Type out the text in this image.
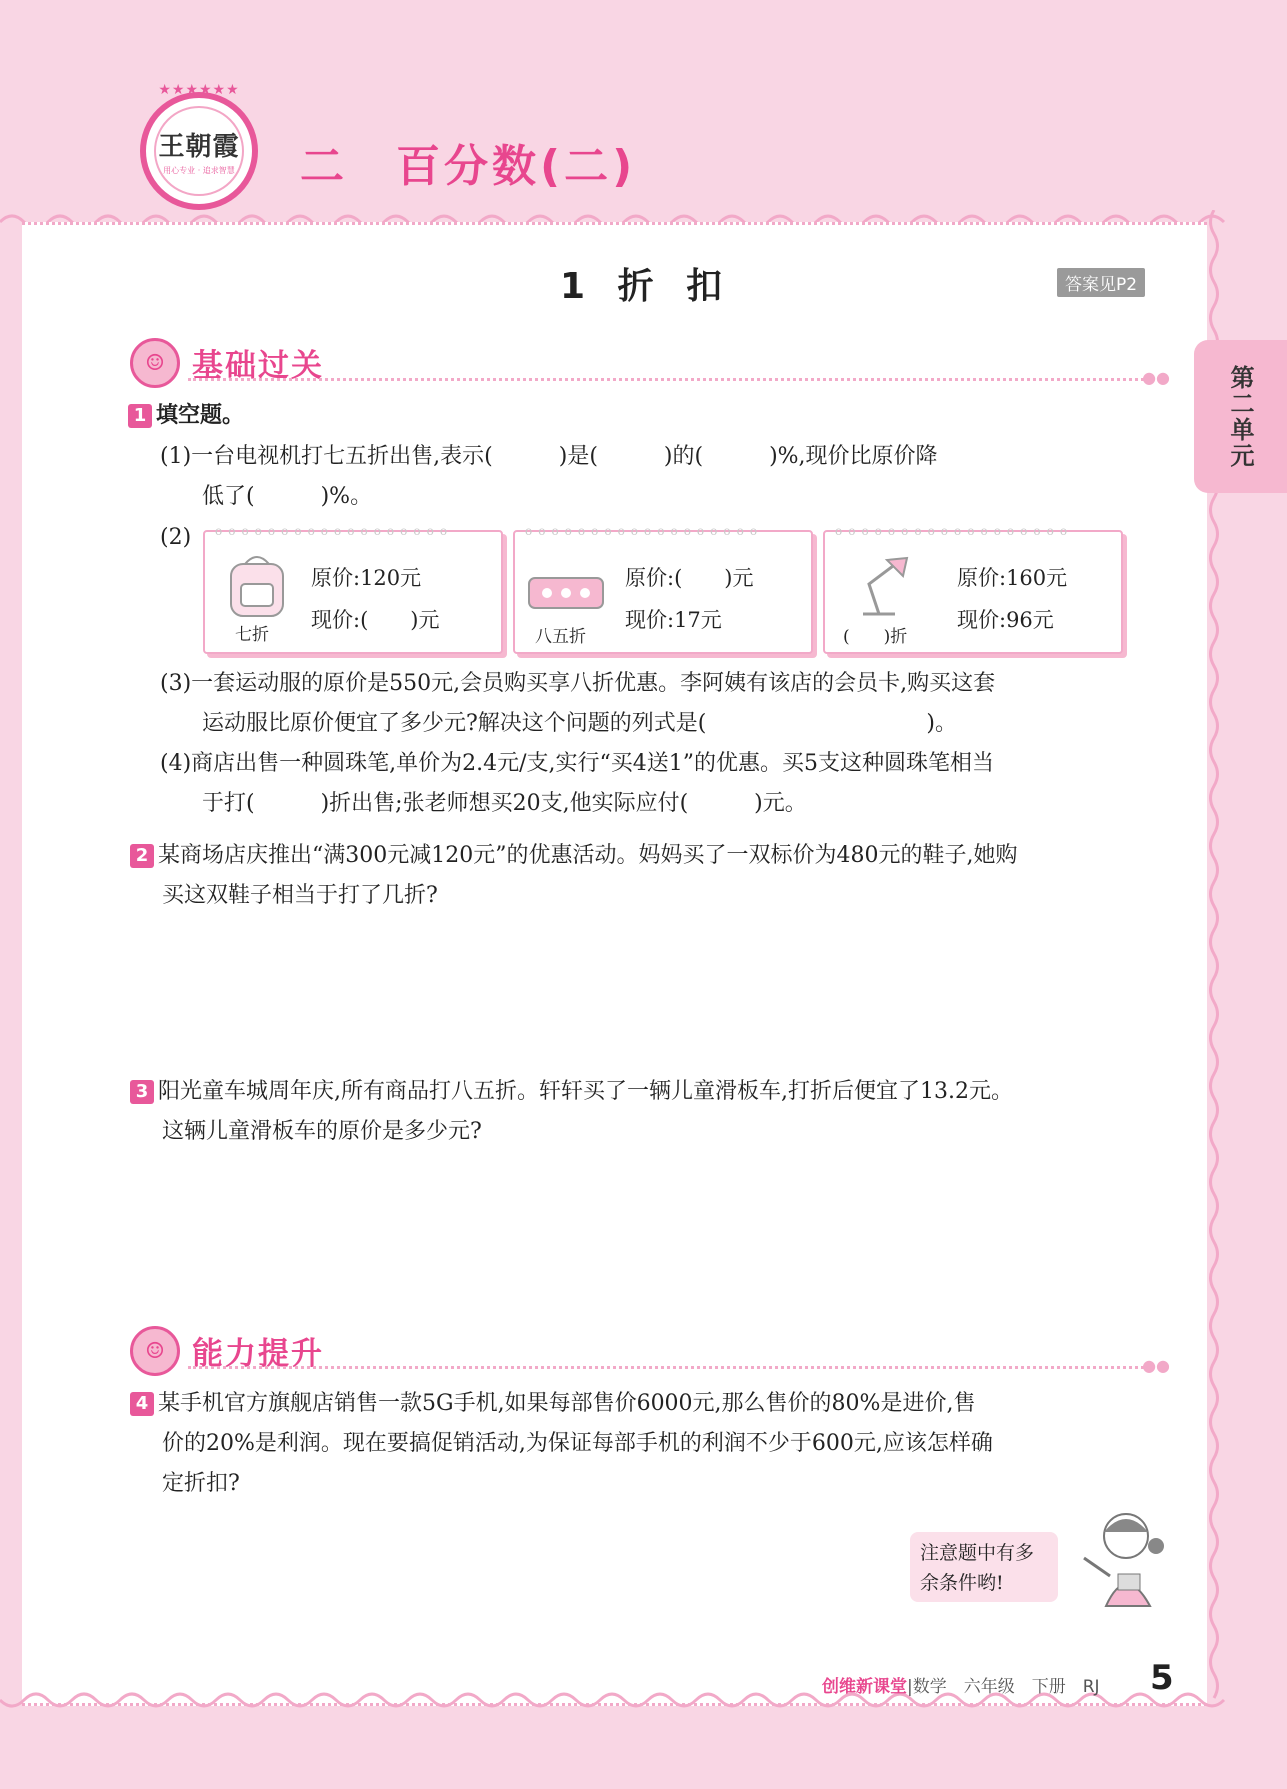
★★★★★★
王朝霞
用心专业 · 追求智慧 二　百分数(二)
第二单元
1 折 扣	答案见P2
☺ 基础过关	●●
1 填空题。
(1)一台电视机打七五折出售,表示(　　　)是(　　　)的(　　　)%,现价比原价降
低了(　　　)%。
(2) oooooooooooooooooo
七折
原价:120元
现价:(　　)元
oooooooooooooooooo
八五折
原价:(　　)元
现价:17元
oooooooooooooooooo
(　　)折
原价:160元
现价:96元
(3)一套运动服的原价是550元,会员购买享八折优惠。李阿姨有该店的会员卡,购买这套
运动服比原价便宜了多少元?解决这个问题的列式是(　　　　　　　　　　)。
(4)商店出售一种圆珠笔,单价为2.4元/支,实行“买4送1”的优惠。买5支这种圆珠笔相当
于打(　　　)折出售;张老师想买20支,他实际应付(　　　)元。
2 某商场店庆推出“满300元减120元”的优惠活动。妈妈买了一双标价为480元的鞋子,她购
买这双鞋子相当于打了几折?
3 阳光童车城周年庆,所有商品打八五折。轩轩买了一辆儿童滑板车,打折后便宜了13.2元。
这辆儿童滑板车的原价是多少元?
☺ 能力提升	●●
4 某手机官方旗舰店销售一款5G手机,如果每部售价6000元,那么售价的80%是进价,售
价的20%是利润。现在要搞促销活动,为保证每部手机的利润不少于600元,应该怎样确
定折扣?
注意题中有多
余条件哟!
创维新课堂|数学　六年级　下册　RJ 5
